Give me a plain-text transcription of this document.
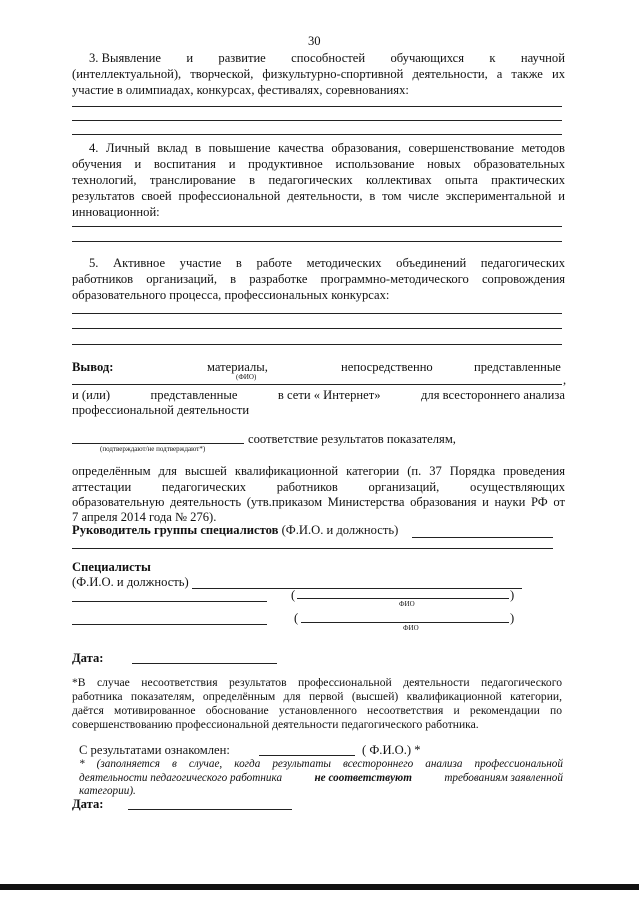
30
3. Выявление и развитие способностей обучающихся к научной
(интеллектуальной), творческой, физкультурно-спортивной деятельности, а также их
участие в олимпиадах, конкурсах, фестивалях, соревнованиях:
4. Личный вклад в повышение качества образования, совершенствование методов
обучения и воспитания и продуктивное использование новых образовательных
технологий, транслирование в педагогических коллективах опыта практических
результатов своей профессиональной деятельности, в том числе экспериментальной и
инновационной:
5. Активное участие в работе методических объединений педагогических
работников организаций, в разработке программно-методического сопровождения
образовательного процесса, профессиональных конкурсах:
Вывод:	материалы,	непосредственно	представленные
(ФИО)	,
и (или)	представленные	в сети « Интернет»	для всестороннего анализа
профессиональной деятельности
(подтверждают/не подтверждают*)
соответствие результатов показателям,
определённым для высшей квалификационной категории (п. 37 Порядка проведения
аттестации педагогических работников организаций, осуществляющих
образовательную деятельность (утв.приказом Министерства образования и науки РФ от
7 апреля 2014 года № 276).
Руководитель группы специалистов (Ф.И.О. и должность)
Специалисты
(Ф.И.О. и должность)
(	)
ФИО
(	)
ФИО
Дата:
*В случае несоответствия результатов профессиональной деятельности педагогического
работника показателям, определённым для первой (высшей) квалификационной категории,
даётся мотивированное обоснование установленного несоответствия и рекомендации по
совершенствованию профессиональной деятельности педагогического работника.
С результатами ознакомлен:	( Ф.И.О.) *
* (заполняется в случае, когда результаты всестороннего анализа профессиональной
деятельности педагогического работника	не соответствуют	требованиям заявленной
категории).
Дата:
